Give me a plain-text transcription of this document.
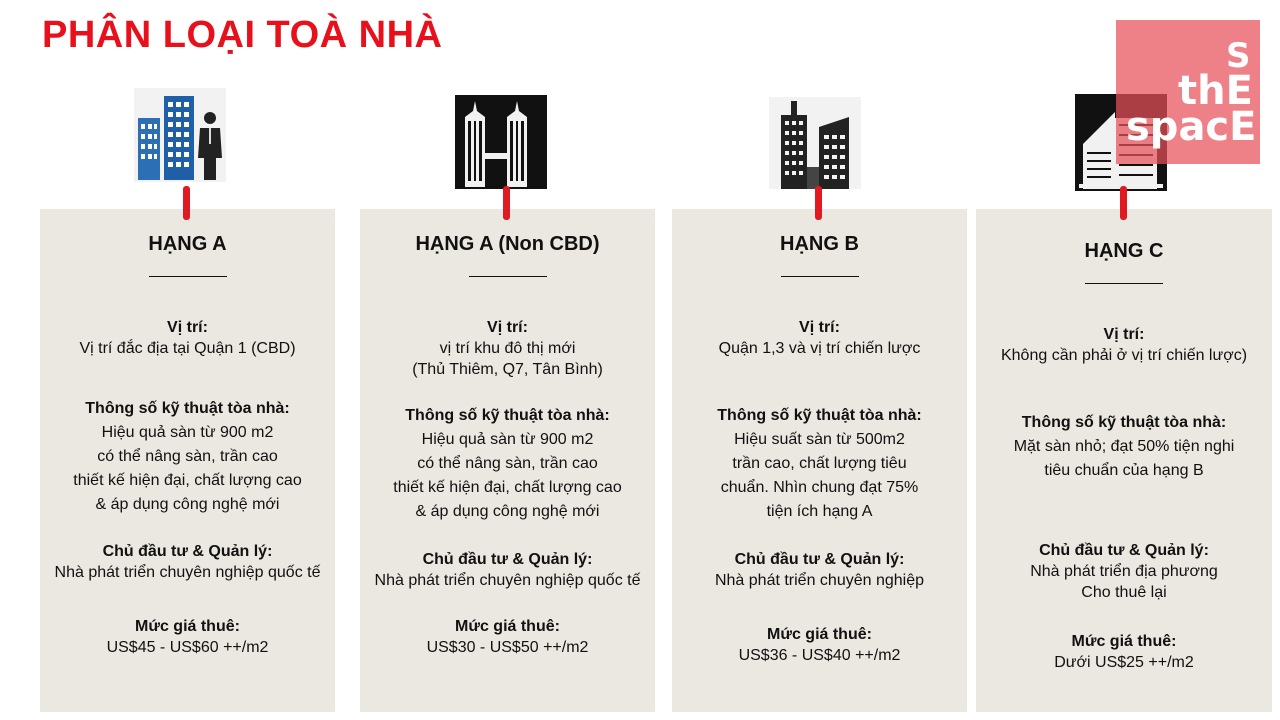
PHÂN LOẠI TOÀ NHÀ	S
thE
spacE
HẠNG A
Vị trí:
Vị trí đắc địa tại Quận 1 (CBD)
Thông số kỹ thuật tòa nhà:
Hiệu quả sàn từ 900 m2
có thể nâng sàn, trần cao
thiết kế hiện đại, chất lượng cao
& áp dụng công nghệ mới
Chủ đầu tư & Quản lý:
Nhà phát triển chuyên nghiệp quốc tế
Mức giá thuê:
US$45 - US$60 ++/m2
HẠNG A (Non CBD)
Vị trí:
vị trí khu đô thị mới
(Thủ Thiêm, Q7, Tân Bình)
Thông số kỹ thuật tòa nhà:
Hiệu quả sàn từ 900 m2
có thể nâng sàn, trần cao
thiết kế hiện đại, chất lượng cao
& áp dụng công nghệ mới
Chủ đầu tư & Quản lý:
Nhà phát triển chuyên nghiệp quốc tế
Mức giá thuê:
US$30 - US$50 ++/m2
HẠNG B
Vị trí:
Quận 1,3 và vị trí chiến lược
Thông số kỹ thuật tòa nhà:
Hiệu suất sàn từ 500m2
trần cao, chất lượng tiêu
chuẩn. Nhìn chung đạt 75%
tiện ích hạng A
Chủ đầu tư & Quản lý:
Nhà phát triển chuyên nghiệp
Mức giá thuê:
US$36 - US$40 ++/m2
HẠNG C
Vị trí:
Không cần phải ở vị trí chiến lược)
Thông số kỹ thuật tòa nhà:
Mặt sàn nhỏ; đạt 50% tiện nghi
tiêu chuẩn của hạng B
Chủ đầu tư & Quản lý:
Nhà phát triển địa phương
Cho thuê lại
Mức giá thuê:
Dưới US$25 ++/m2
